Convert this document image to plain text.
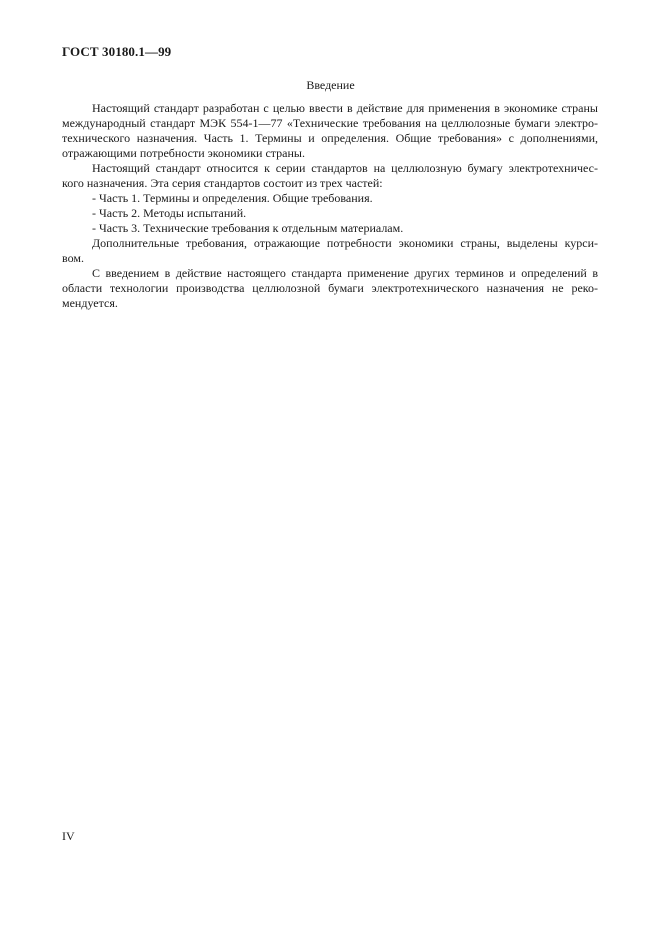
ГОСТ 30180.1—99
Введение
Настоящий стандарт разработан с целью ввести в действие для применения в экономике страны
международный стандарт МЭК 554-1—77 «Технические требования на целлюлозные бумаги электро-
технического назначения. Часть 1. Термины и определения. Общие требования» с дополнениями,
отражающими потребности экономики страны.
Настоящий стандарт относится к серии стандартов на целлюлозную бумагу электротехничес-
кого назначения. Эта серия стандартов состоит из трех частей:
- Часть 1. Термины и определения. Общие требования.
- Часть 2. Методы испытаний.
- Часть 3. Технические требования к отдельным материалам.
Дополнительные требования, отражающие потребности экономики страны, выделены курси-
вом.
С введением в действие настоящего стандарта применение других терминов и определений в
области технологии производства целлюлозной бумаги электротехнического назначения не реко-
мендуется.
IV
